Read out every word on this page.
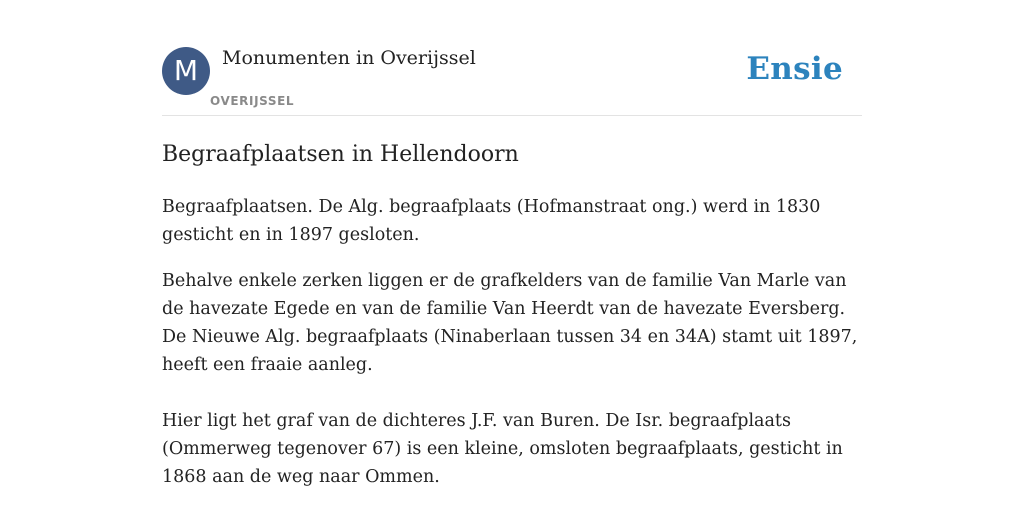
M	Monumenten in Overijssel
OVERIJSSEL
Ensie
Begraafplaatsen in Hellendoorn

Begraafplaatsen. De Alg. begraafplaats (Hofmanstraat ong.) werd in 1830 gesticht en in 1897 gesloten.

Behalve enkele zerken liggen er de grafkelders van de familie Van Marle van de havezate Egede en van de familie Van Heerdt van de havezate Eversberg. De Nieuwe Alg. begraafplaats (Ninaberlaan tussen 34 en 34A) stamt uit 1897, heeft een fraaie aanleg.

Hier ligt het graf van de dichteres J.F. van Buren. De Isr. begraafplaats (Ommerweg tegenover 67) is een kleine, omsloten begraafplaats, gesticht in 1868 aan de weg naar Ommen.
